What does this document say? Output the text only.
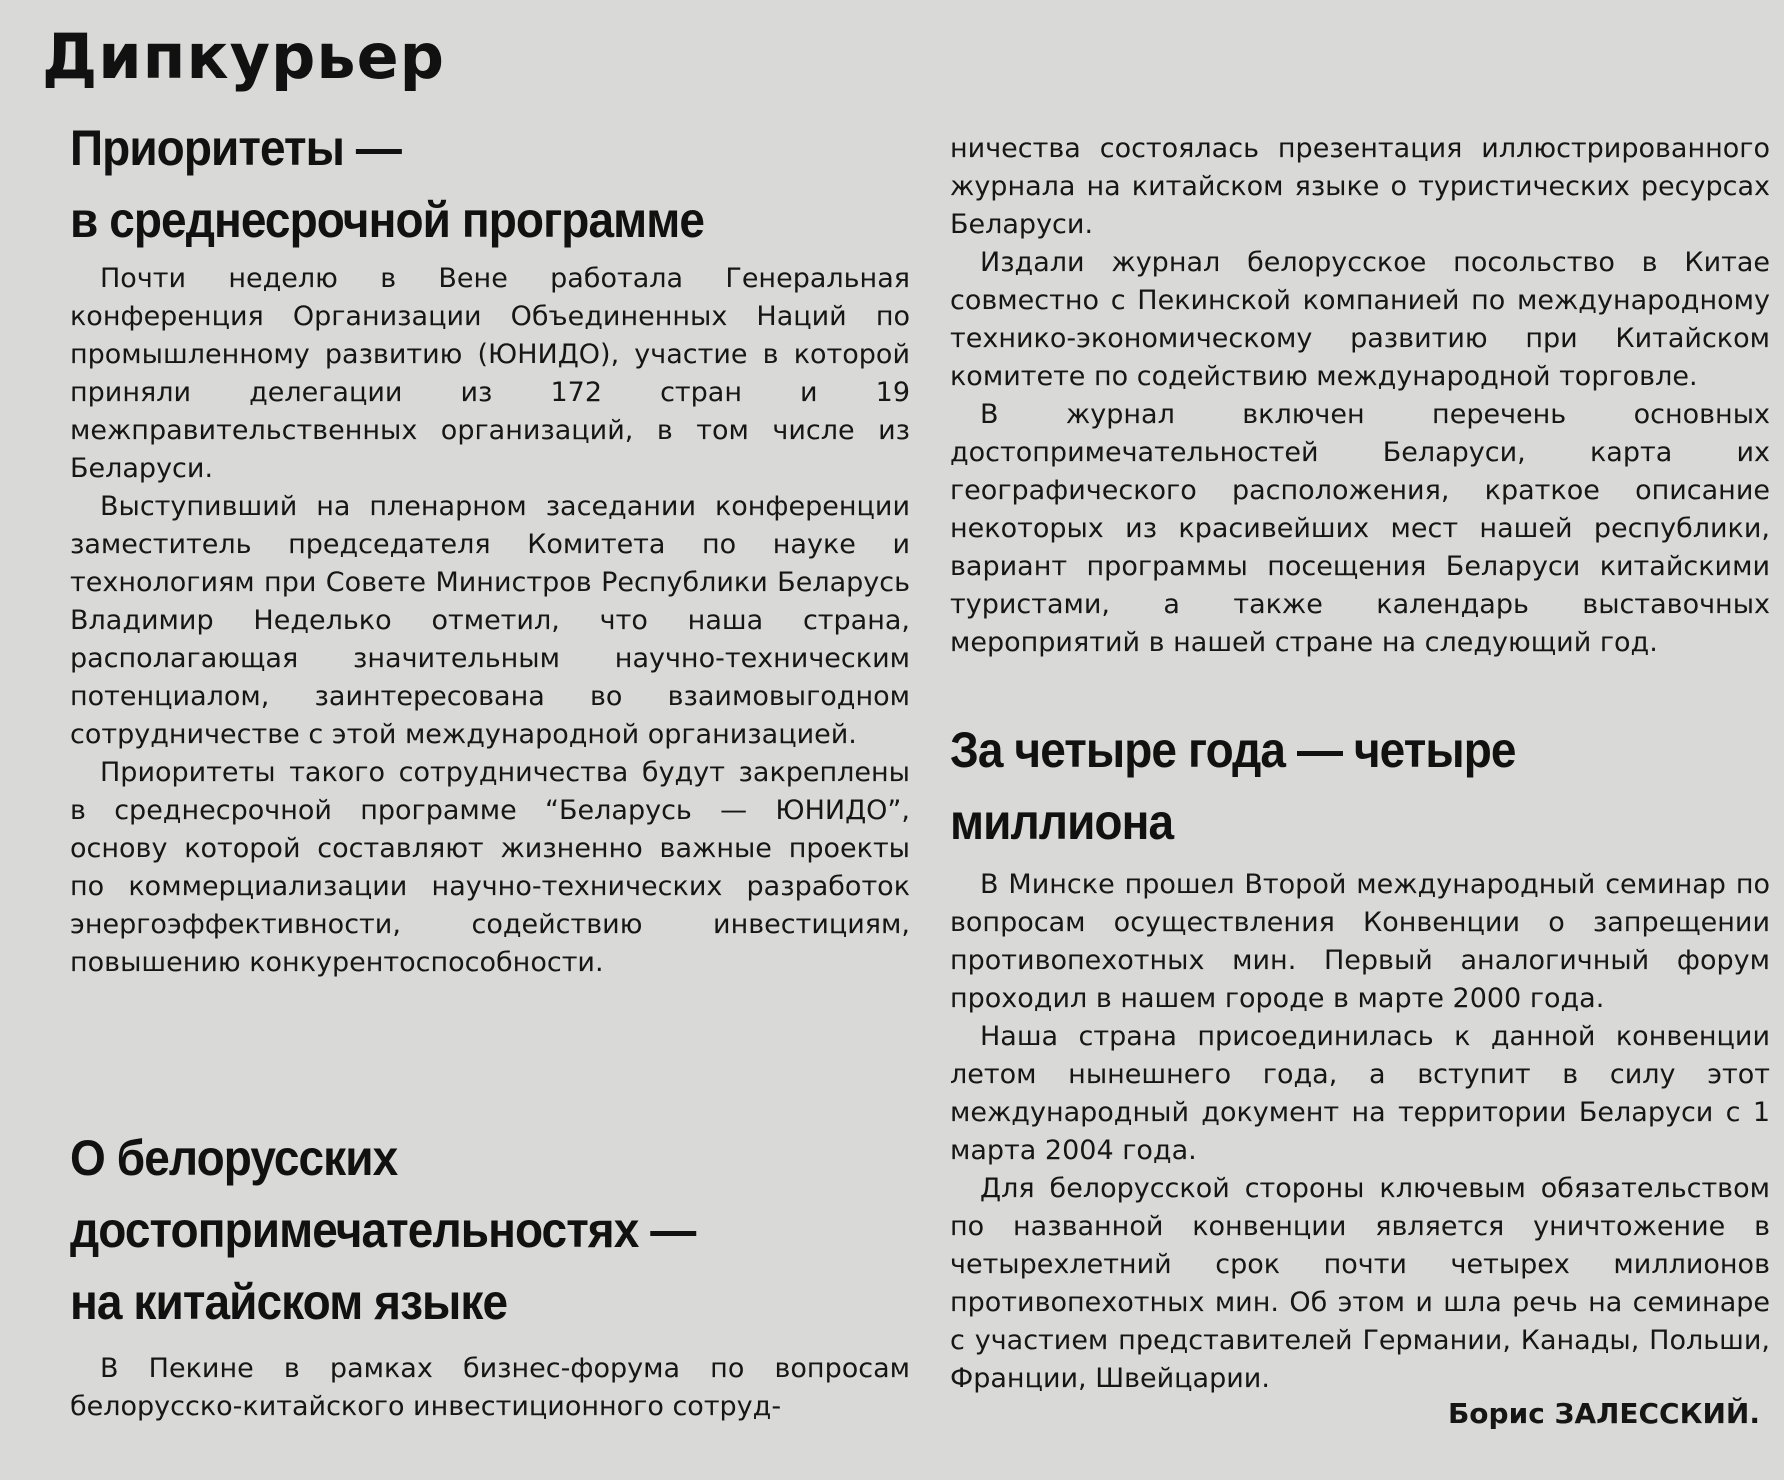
Дипкурьер
Приоритеты —
в среднесрочной программе

Почти неделю в Вене работала Генеральная конференция Организации Объединенных Наций по промышленному развитию (ЮНИДО), участие в которой приняли делегации из 172 стран и 19 межправительственных организаций, в том числе из Беларуси.

Выступивший на пленарном заседании конференции заместитель председателя Комитета по науке и технологиям при Совете Министров Республики Беларусь Владимир Неделько отметил, что наша страна, располагающая значительным научно-техническим потенциалом, заинтересована во взаимовыгодном сотрудничестве с этой международной организацией.

Приоритеты такого сотрудничества будут закреплены в среднесрочной программе “Беларусь — ЮНИДО”, основу которой составляют жизненно важные проекты по коммерциализации научно-технических разработок энергоэффективности, содействию инвестициям, повышению конкурентоспособности.

О белорусских
достопримечательностях —
на китайском языке

В Пекине в рамках бизнес-форума по вопросам белорусско-китайского инвестиционного сотруд-

ничества состоялась презентация иллюстрированного журнала на китайском языке о туристических ресурсах Беларуси.

Издали журнал белорусское посольство в Китае совместно с Пекинской компанией по международному технико-экономическому развитию при Китайском комитете по содействию международной торговле.

В журнал включен перечень основных достопримечательностей Беларуси, карта их географического расположения, краткое описание некоторых из красивейших мест нашей республики, вариант программы посещения Беларуси китайскими туристами, а также календарь выставочных мероприятий в нашей стране на следующий год.

За четыре года — четыре
миллиона

В Минске прошел Второй международный семинар по вопросам осуществления Конвенции о запрещении противопехотных мин. Первый аналогичный форум проходил в нашем городе в марте 2000 года.

Наша страна присоединилась к данной конвенции летом нынешнего года, а вступит в силу этот международный документ на территории Беларуси с 1 марта 2004 года.

Для белорусской стороны ключевым обязательством по названной конвенции является уничтожение в четырехлетний срок почти четырех миллионов противопехотных мин. Об этом и шла речь на семинаре с участием представителей Германии, Канады, Польши, Франции, Швейцарии.

Борис ЗАЛЕССКИЙ.
